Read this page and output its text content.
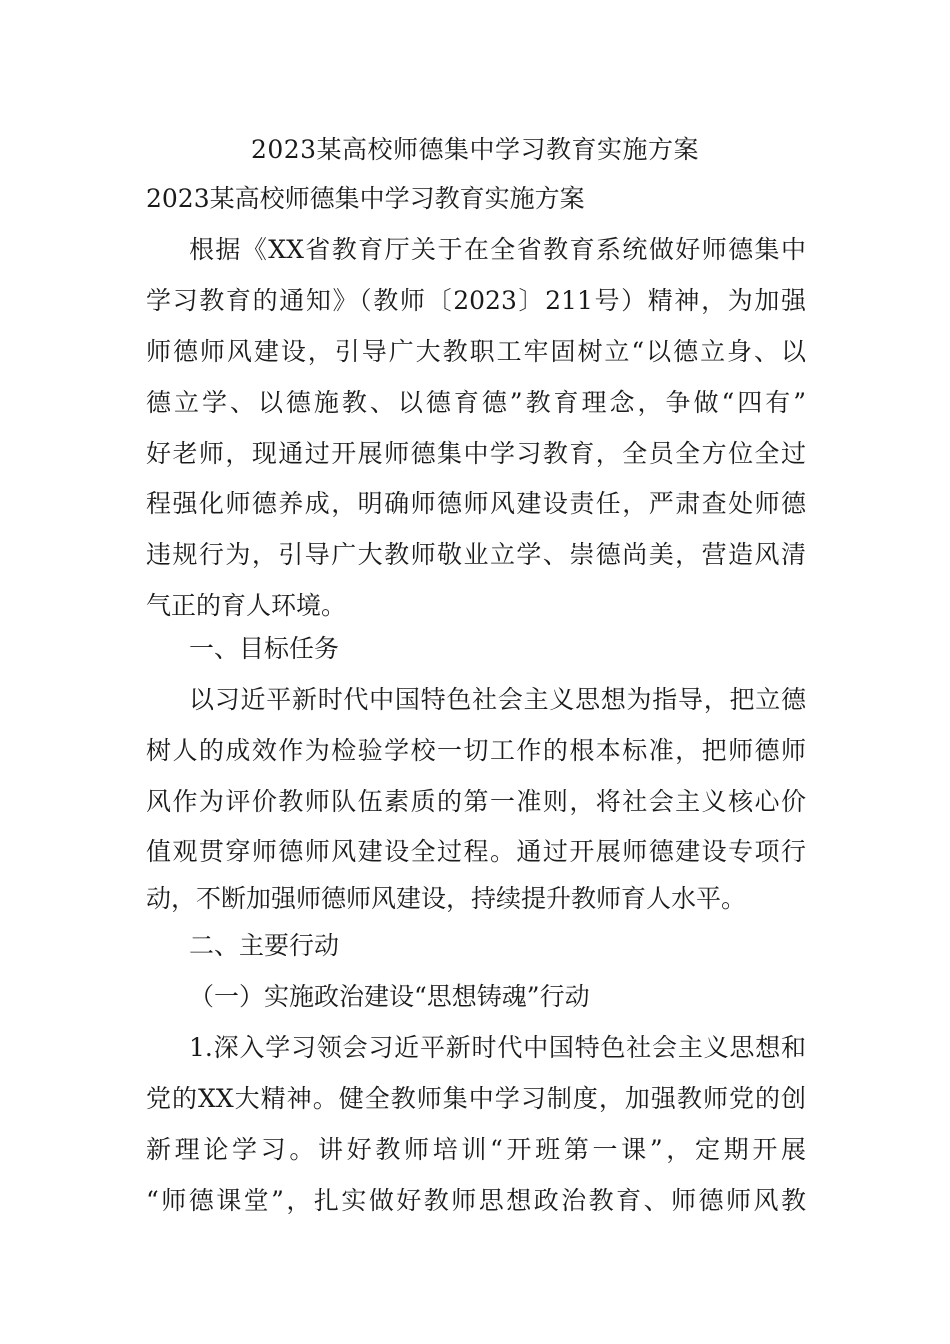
2023某高校师德集中学习教育实施方案
2023某高校师德集中学习教育实施方案
根据《XX省教育厅关于在全省教育系统做好师德集中
学习教育的通知》（教师〔2023〕211号）精神，为加强
师德师风建设，引导广大教职工牢固树立“以德立身、以
德立学、以德施教、以德育德”教育理念，争做“四有”
好老师，现通过开展师德集中学习教育，全员全方位全过
程强化师德养成，明确师德师风建设责任，严肃查处师德
违规行为，引导广大教师敬业立学、崇德尚美，营造风清
气正的育人环境。
一、目标任务
以习近平新时代中国特色社会主义思想为指导，把立德
树人的成效作为检验学校一切工作的根本标准，把师德师
风作为评价教师队伍素质的第一准则，将社会主义核心价
值观贯穿师德师风建设全过程。通过开展师德建设专项行
动，不断加强师德师风建设，持续提升教师育人水平。
二、主要行动
（一）实施政治建设“思想铸魂”行动
1.深入学习领会习近平新时代中国特色社会主义思想和
党的XX大精神。健全教师集中学习制度，加强教师党的创
新理论学习。讲好教师培训“开班第一课”，定期开展
“师德课堂”，扎实做好教师思想政治教育、师德师风教
